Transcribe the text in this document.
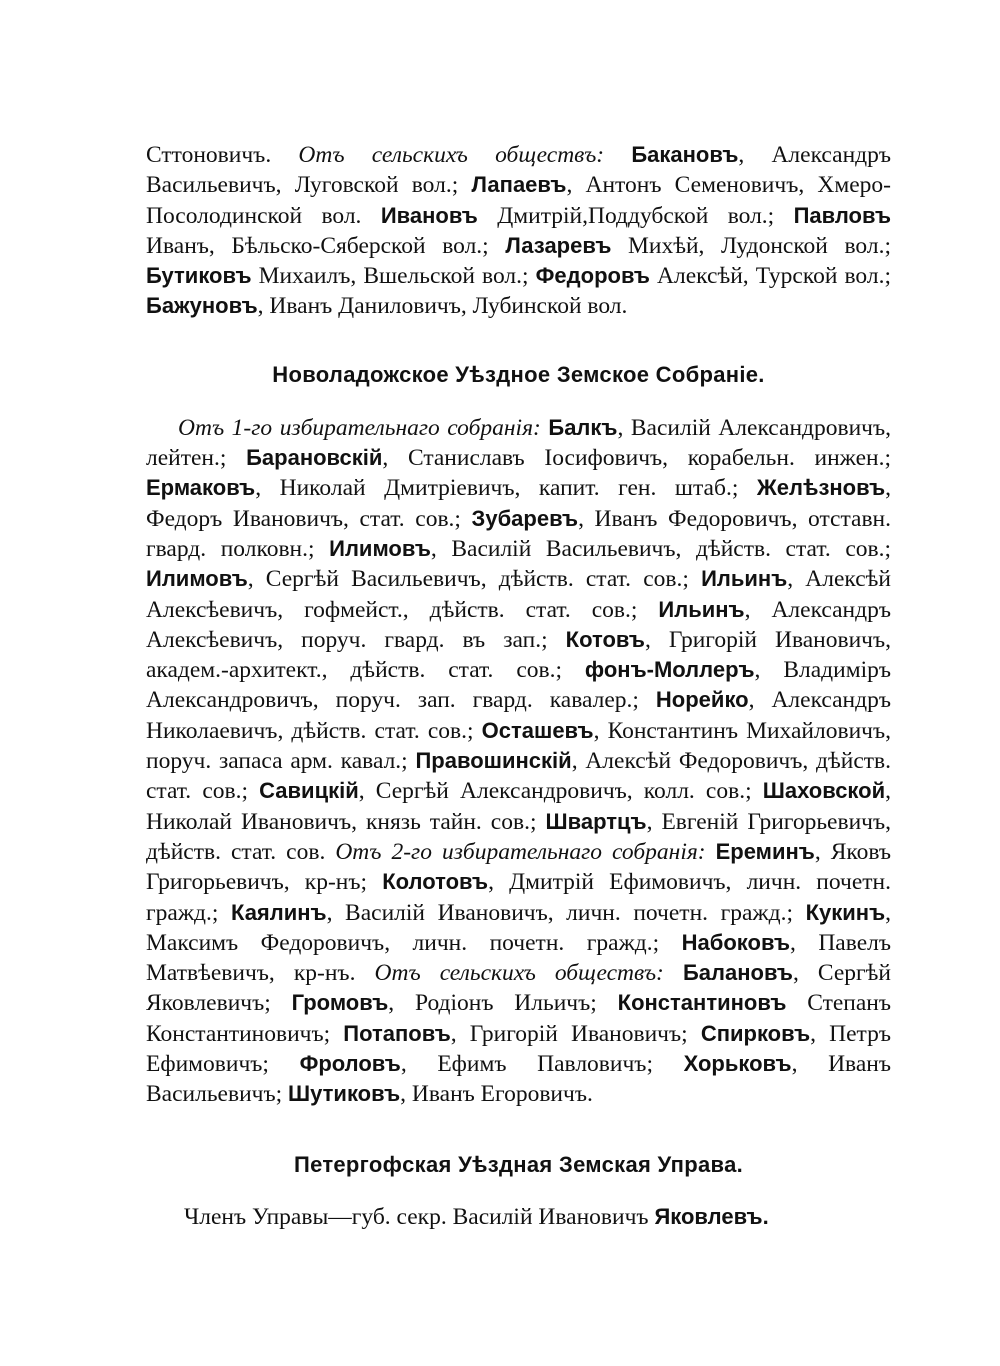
Сттоновичъ. Отъ сельскихъ обществъ: Бакановъ, Александръ Васильевичъ, Луговской вол.; Лапаевъ, Антонъ Семеновичъ, Хмеро-Посолодинской вол. Ивановъ Дмитрій,Поддубской вол.; Павловъ Иванъ, Бѣльско-Сяберской вол.; Лазаревъ Михѣй, Лудонской вол.; Бутиковъ Михаилъ, Вшельской вол.; Федоровъ Алексѣй, Турской вол.; Бажуновъ, Иванъ Даниловичъ, Лубинской вол.

Новоладожское Уѣздное Земское Собраніе.

Отъ 1-го избирательнаго собранія: Балкъ, Василій Александровичъ, лейтен.; Барановскій, Станиславъ Іосифовичъ, корабельн. инжен.; Ермаковъ, Николай Дмитріевичъ, капит. ген. штаб.; Желѣзновъ, Федоръ Ивановичъ, стат. сов.; Зубаревъ, Иванъ Федоровичъ, отставн. гвард. полковн.; Илимовъ, Василій Васильевичъ, дѣйств. стат. сов.; Илимовъ, Сергѣй Васильевичъ, дѣйств. стат. сов.; Ильинъ, Алексѣй Алексѣевичъ, гофмейст., дѣйств. стат. сов.; Ильинъ, Александръ Алексѣевичъ, поруч. гвард. въ зап.; Котовъ, Григорій Ивановичъ, академ.-архитект., дѣйств. стат. сов.; фонъ-Моллеръ, Владиміръ Александровичъ, поруч. зап. гвард. кавалер.; Норейко, Александръ Николаевичъ, дѣйств. стат. сов.; Осташевъ, Константинъ Михайловичъ, поруч. запаса арм. кавал.; Правошинскій, Алексѣй Федоровичъ, дѣйств. стат. сов.; Савицкій, Сергѣй Александровичъ, колл. сов.; Шаховской, Николай Ивановичъ, князь тайн. сов.; Швартцъ, Евгеній Григорьевичъ, дѣйств. стат. сов. Отъ 2-го избирательнаго собранія: Ереминъ, Яковъ Григорьевичъ, кр-нъ; Колотовъ, Дмитрій Ефимовичъ, личн. почетн. гражд.; Каялинъ, Василій Ивановичъ, личн. почетн. гражд.; Кукинъ, Максимъ Федоровичъ, личн. почетн. гражд.; Набоковъ, Павелъ Матвѣевичъ, кр-нъ. Отъ сельскихъ обществъ: Балановъ, Сергѣй Яковлевичъ; Громовъ, Родіонъ Ильичъ; Константиновъ Степанъ Константиновичъ; Потаповъ, Григорій Ивановичъ; Спирковъ, Петръ Ефимовичъ; Фроловъ, Ефимъ Павловичъ; Хорьковъ, Иванъ Васильевичъ; Шутиковъ, Иванъ Егоровичъ.

Петергофская Уѣздная Земская Управа.

Членъ Управы—губ. секр. Василій Ивановичъ Яковлевъ.
